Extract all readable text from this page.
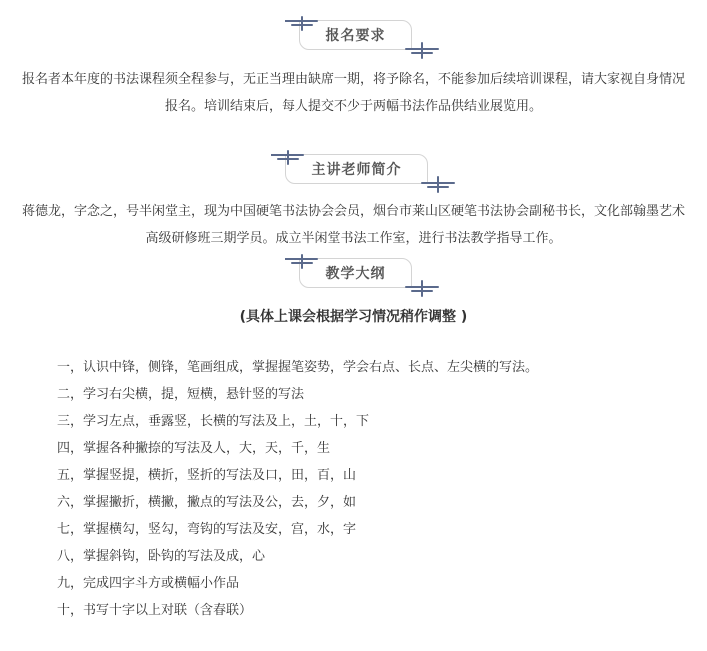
报名要求
报名者本年度的书法课程须全程参与，无正当理由缺席一期，将予除名，不能参加后续培训课程，请大家视自身情况报名。培训结束后，每人提交不少于两幅书法作品供结业展览用。
主讲老师简介
蒋德龙，字念之，号半闲堂主，现为中国硬笔书法协会会员，烟台市莱山区硬笔书法协会副秘书长，文化部翰墨艺术高级研修班三期学员。成立半闲堂书法工作室，进行书法教学指导工作。
教学大纲
(具体上课会根据学习情况稍作调整 )
一，认识中锋，侧锋，笔画组成，掌握握笔姿势，学会右点、长点、左尖横的写法。
二，学习右尖横，提，短横，悬针竖的写法
三，学习左点，垂露竖，长横的写法及上，土，十，下
四，掌握各种撇捺的写法及人，大，天，千，生
五，掌握竖提，横折，竖折的写法及口，田，百，山
六，掌握撇折，横撇，撇点的写法及公，去，夕，如
七，掌握横勾，竖勾，弯钩的写法及安，宫，水，字
八，掌握斜钩，卧钩的写法及成，心
九，完成四字斗方或横幅小作品
十，书写十字以上对联（含春联）
